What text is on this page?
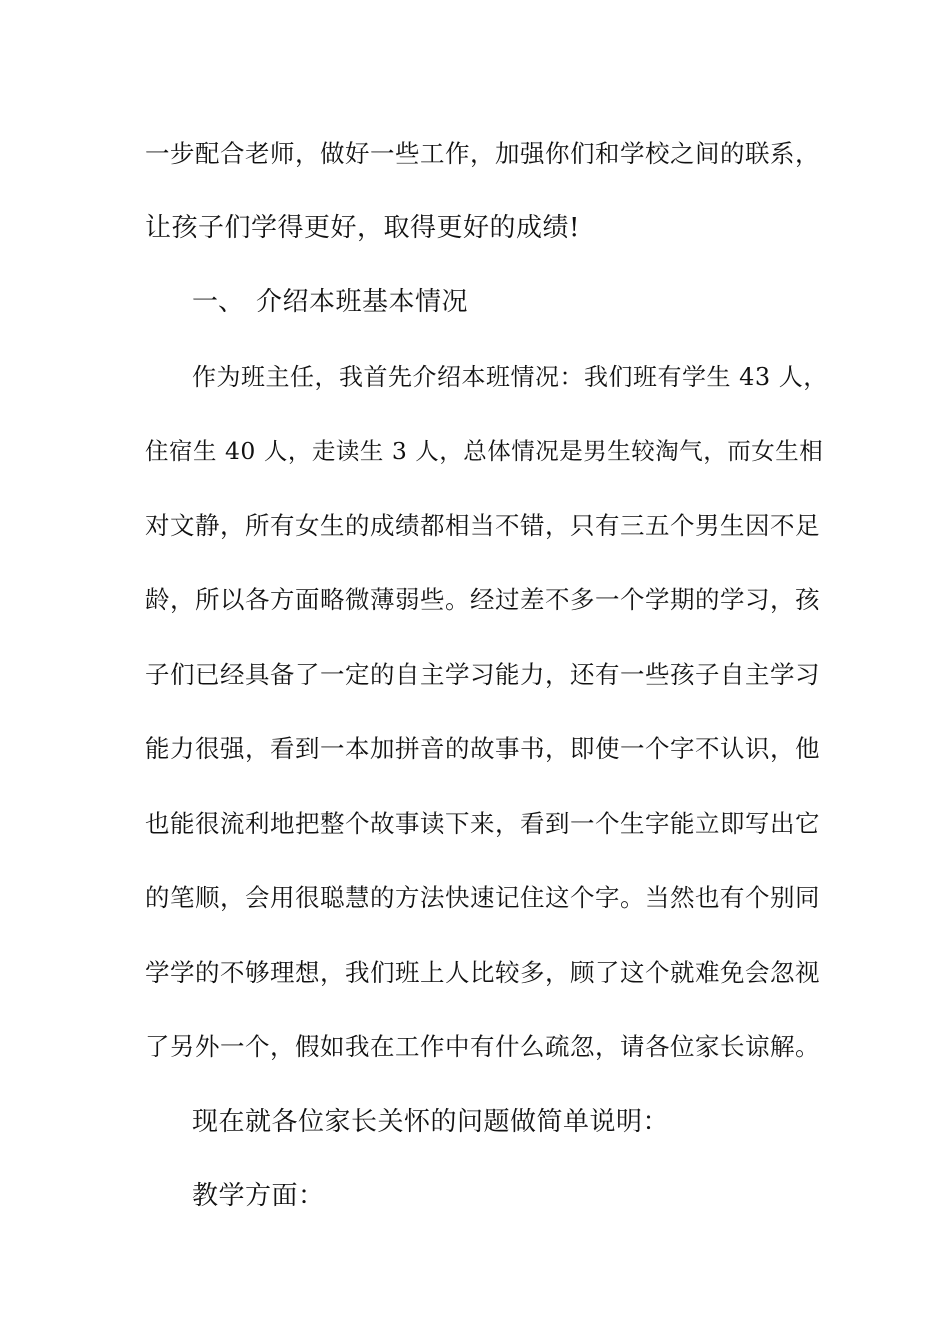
一步配合老师，做好一些工作，加强你们和学校之间的联系，
让孩子们学得更好，取得更好的成绩!
一、 介绍本班基本情况
作为班主任，我首先介绍本班情况：我们班有学生 43 人，
住宿生 40 人，走读生 3 人，总体情况是男生较淘气，而女生相
对文静，所有女生的成绩都相当不错，只有三五个男生因不足
龄，所以各方面略微薄弱些。经过差不多一个学期的学习，孩
子们已经具备了一定的自主学习能力，还有一些孩子自主学习
能力很强，看到一本加拼音的故事书，即使一个字不认识，他
也能很流利地把整个故事读下来，看到一个生字能立即写出它
的笔顺，会用很聪慧的方法快速记住这个字。当然也有个别同
学学的不够理想，我们班上人比较多，顾了这个就难免会忽视
了另外一个，假如我在工作中有什么疏忽，请各位家长谅解。
现在就各位家长关怀的问题做简单说明：
教学方面：
